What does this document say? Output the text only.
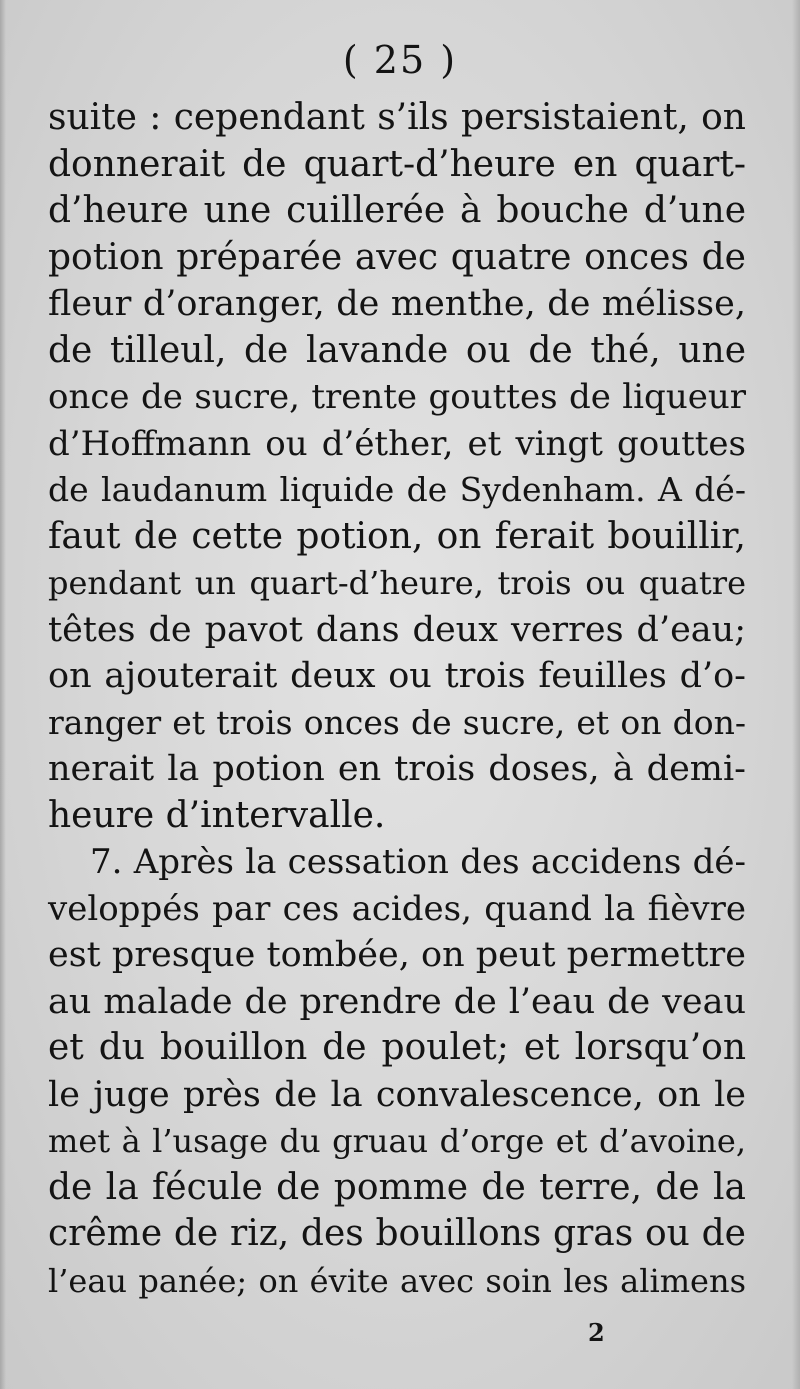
( 25 )
suite : cependant s’ils persistaient, on
donnerait de quart-d’heure en quart-
d’heure une cuillerée à bouche d’une
potion préparée avec quatre onces de
fleur d’oranger, de menthe, de mélisse,
de tilleul, de lavande ou de thé, une
once de sucre, trente gouttes de liqueur
d’Hoffmann ou d’éther, et vingt gouttes
de laudanum liquide de Sydenham. A dé-
faut de cette potion, on ferait bouillir,
pendant un quart-d’heure, trois ou quatre
têtes de pavot dans deux verres d’eau;
on ajouterait deux ou trois feuilles d’o-
ranger et trois onces de sucre, et on don-
nerait la potion en trois doses, à demi-
heure d’intervalle.
7. Après la cessation des accidens dé-
veloppés par ces acides, quand la fièvre
est presque tombée, on peut permettre
au malade de prendre de l’eau de veau
et du bouillon de poulet; et lorsqu’on
le juge près de la convalescence, on le
met à l’usage du gruau d’orge et d’avoine,
de la fécule de pomme de terre, de la
crême de riz, des bouillons gras ou de
l’eau panée; on évite avec soin les alimens
2
